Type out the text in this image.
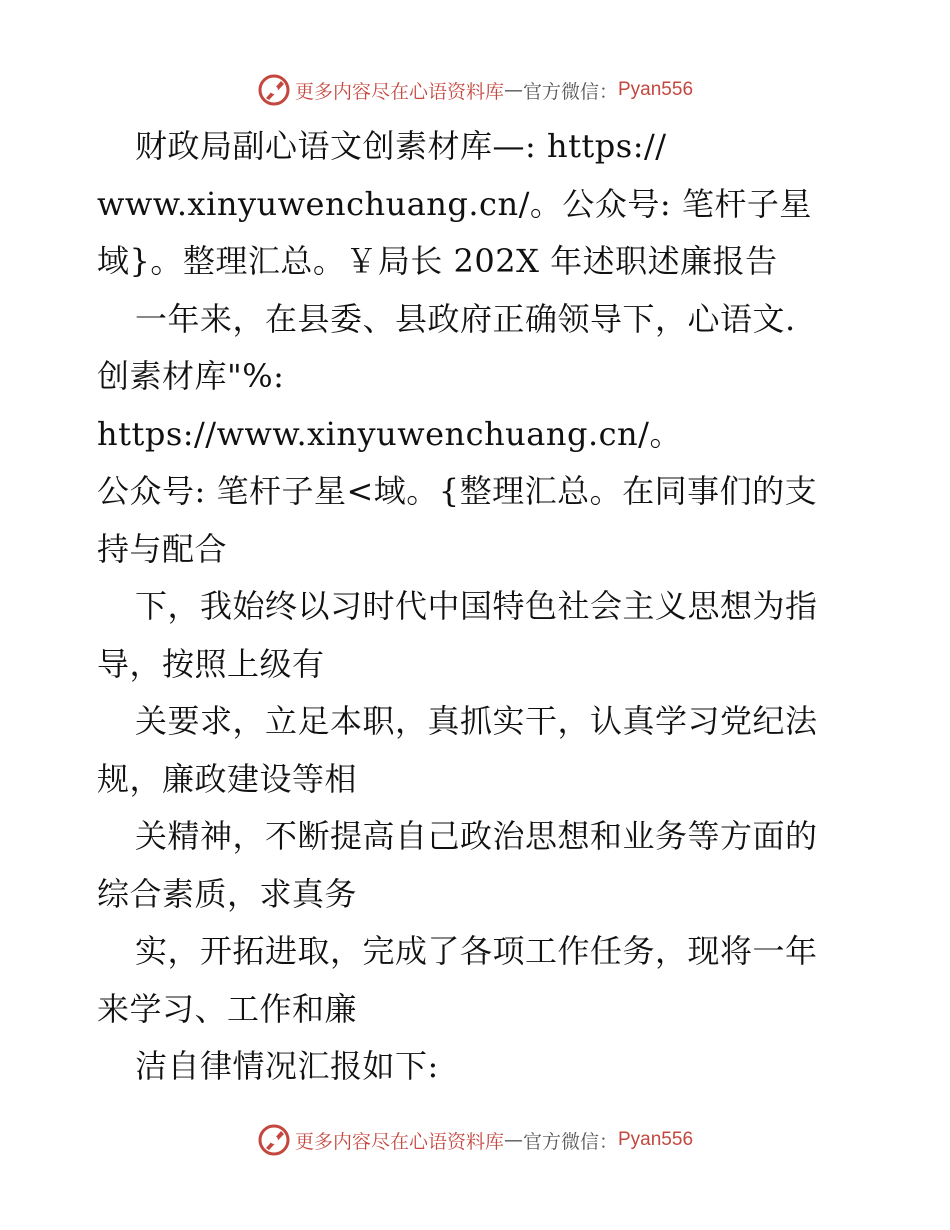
更多内容尽在心语资料库 — 官方微信： Pyan556

财政局副心语文创素材库—: https://

www.xinyuwenchuang.cn/。公众号: 笔杆子星

域}。整理汇总。￥局长 202X 年述职述廉报告

一年来，在县委、县政府正确领导下，心语文.

创素材库"%: https://www.xinyuwenchuang.cn/。

公众号: 笔杆子星<域。{整理汇总。在同事们的支

持与配合

下，我始终以习时代中国特色社会主义思想为指

导，按照上级有

关要求，立足本职，真抓实干，认真学习党纪法

规，廉政建设等相

关精神，不断提高自己政治思想和业务等方面的

综合素质，求真务

实，开拓进取，完成了各项工作任务，现将一年

来学习、工作和廉

洁自律情况汇报如下:

更多内容尽在心语资料库 — 官方微信： Pyan556
